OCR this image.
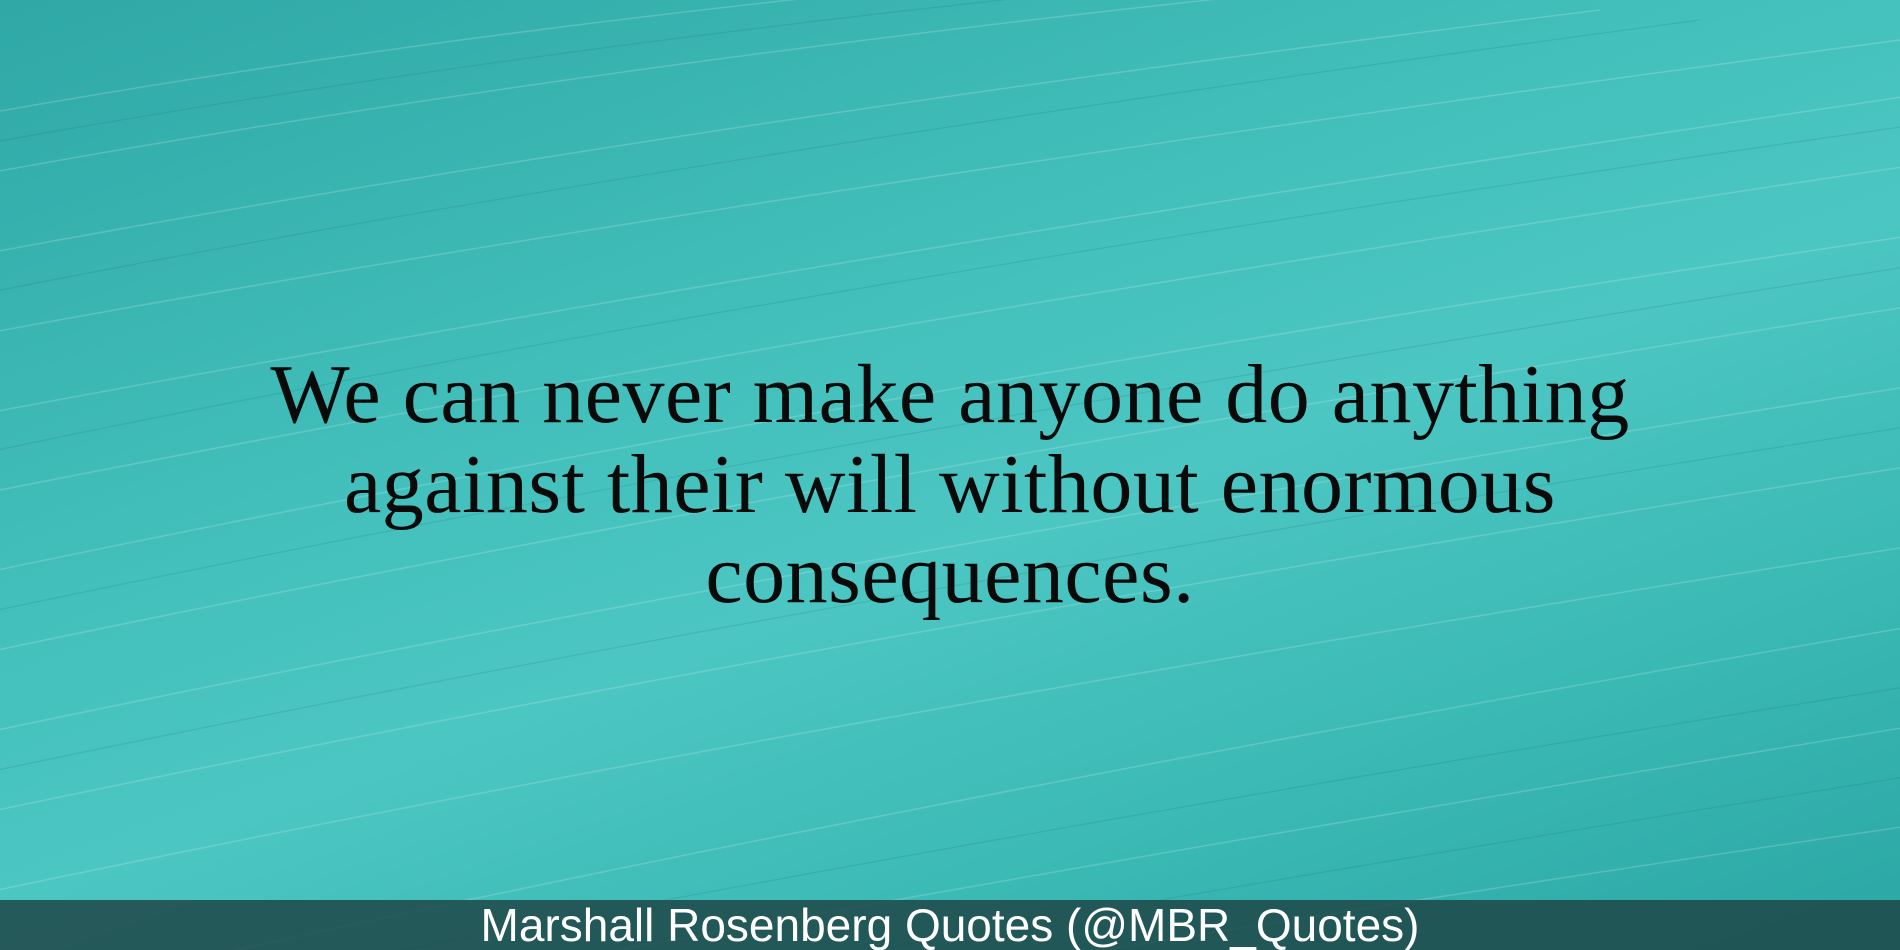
We can never make anyone do anything against their will without enormous consequences.
Marshall Rosenberg Quotes (@MBR_Quotes)
